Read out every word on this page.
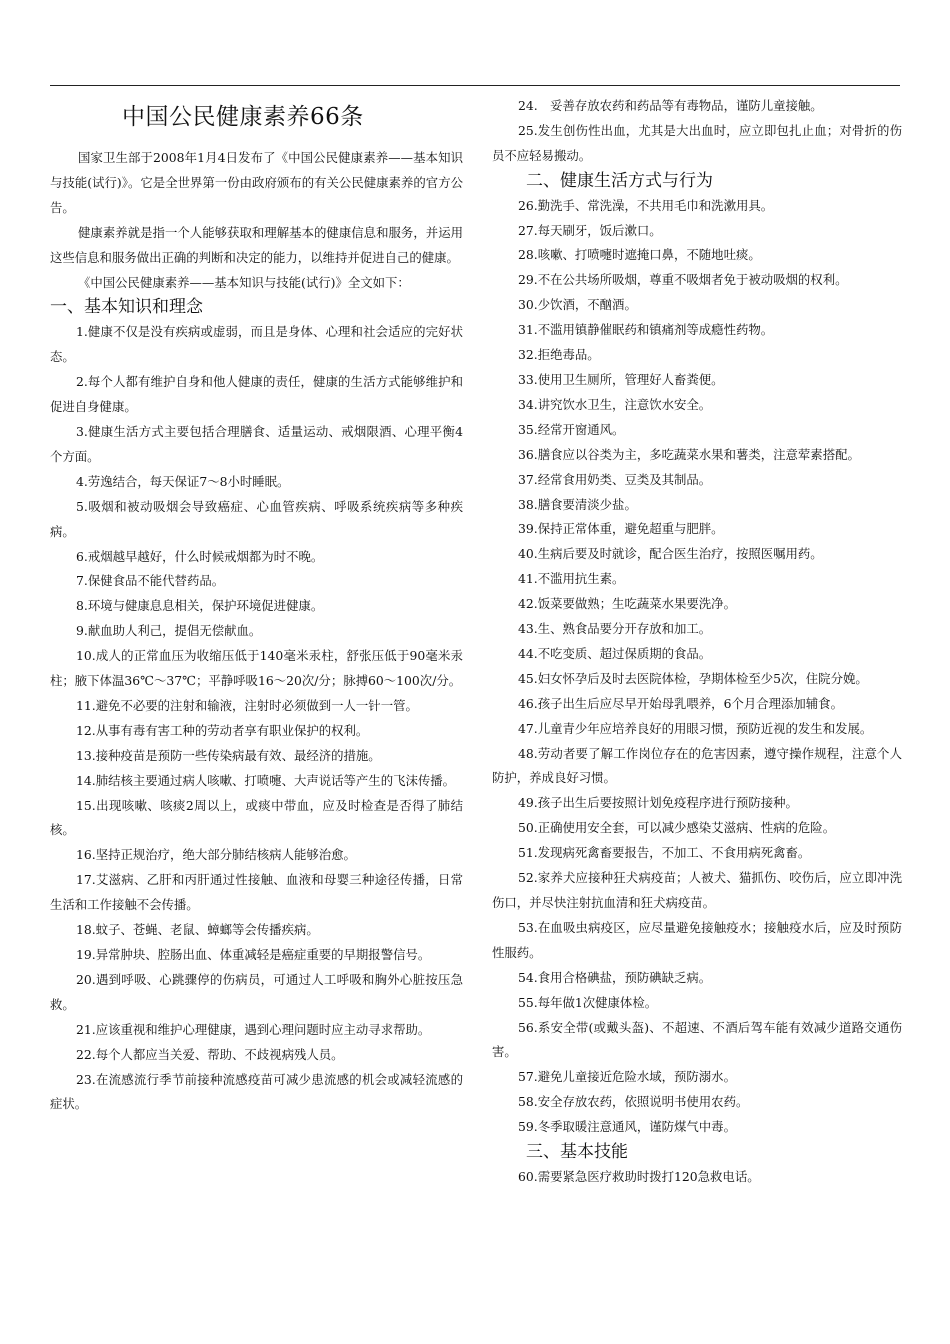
中国公民健康素养66条

国家卫生部于2008年1月4日发布了《中国公民健康素养——基本知识与技能(试行)》。它是全世界第一份由政府颁布的有关公民健康素养的官方公告。

健康素养就是指一个人能够获取和理解基本的健康信息和服务，并运用这些信息和服务做出正确的判断和决定的能力，以维持并促进自己的健康。

《中国公民健康素养——基本知识与技能(试行)》全文如下：

一、基本知识和理念

1.健康不仅是没有疾病或虚弱，而且是身体、心理和社会适应的完好状态。

2.每个人都有维护自身和他人健康的责任，健康的生活方式能够维护和促进自身健康。

3.健康生活方式主要包括合理膳食、适量运动、戒烟限酒、心理平衡4个方面。

4.劳逸结合，每天保证7～8小时睡眠。

5.吸烟和被动吸烟会导致癌症、心血管疾病、呼吸系统疾病等多种疾病。

6.戒烟越早越好，什么时候戒烟都为时不晚。

7.保健食品不能代替药品。

8.环境与健康息息相关，保护环境促进健康。

9.献血助人利己，提倡无偿献血。

10.成人的正常血压为收缩压低于140毫米汞柱，舒张压低于90毫米汞柱；腋下体温36℃～37℃；平静呼吸16～20次/分；脉搏60～100次/分。

11.避免不必要的注射和输液，注射时必须做到一人一针一管。

12.从事有毒有害工种的劳动者享有职业保护的权利。

13.接种疫苗是预防一些传染病最有效、最经济的措施。

14.肺结核主要通过病人咳嗽、打喷嚏、大声说话等产生的飞沫传播。

15.出现咳嗽、咳痰2周以上，或痰中带血，应及时检查是否得了肺结核。

16.坚持正规治疗，绝大部分肺结核病人能够治愈。

17.艾滋病、乙肝和丙肝通过性接触、血液和母婴三种途径传播，日常生活和工作接触不会传播。

18.蚊子、苍蝇、老鼠、蟑螂等会传播疾病。

19.异常肿块、腔肠出血、体重减轻是癌症重要的早期报警信号。

20.遇到呼吸、心跳骤停的伤病员，可通过人工呼吸和胸外心脏按压急救。

21.应该重视和维护心理健康，遇到心理问题时应主动寻求帮助。

22.每个人都应当关爱、帮助、不歧视病残人员。

23.在流感流行季节前接种流感疫苗可减少患流感的机会或减轻流感的症状。

24.　妥善存放农药和药品等有毒物品，谨防儿童接触。

25.发生创伤性出血，尤其是大出血时，应立即包扎止血；对骨折的伤员不应轻易搬动。

二、健康生活方式与行为

26.勤洗手、常洗澡，不共用毛巾和洗漱用具。

27.每天刷牙，饭后漱口。

28.咳嗽、打喷嚏时遮掩口鼻，不随地吐痰。

29.不在公共场所吸烟，尊重不吸烟者免于被动吸烟的权利。

30.少饮酒，不酗酒。

31.不滥用镇静催眠药和镇痛剂等成瘾性药物。

32.拒绝毒品。

33.使用卫生厕所，管理好人畜粪便。

34.讲究饮水卫生，注意饮水安全。

35.经常开窗通风。

36.膳食应以谷类为主，多吃蔬菜水果和薯类，注意荤素搭配。

37.经常食用奶类、豆类及其制品。

38.膳食要清淡少盐。

39.保持正常体重，避免超重与肥胖。

40.生病后要及时就诊，配合医生治疗，按照医嘱用药。

41.不滥用抗生素。

42.饭菜要做熟；生吃蔬菜水果要洗净。

43.生、熟食品要分开存放和加工。

44.不吃变质、超过保质期的食品。

45.妇女怀孕后及时去医院体检，孕期体检至少5次，住院分娩。

46.孩子出生后应尽早开始母乳喂养，6个月合理添加辅食。

47.儿童青少年应培养良好的用眼习惯，预防近视的发生和发展。

48.劳动者要了解工作岗位存在的危害因素，遵守操作规程，注意个人防护，养成良好习惯。

49.孩子出生后要按照计划免疫程序进行预防接种。

50.正确使用安全套，可以减少感染艾滋病、性病的危险。

51.发现病死禽畜要报告，不加工、不食用病死禽畜。

52.家养犬应接种狂犬病疫苗；人被犬、猫抓伤、咬伤后，应立即冲洗伤口，并尽快注射抗血清和狂犬病疫苗。

53.在血吸虫病疫区，应尽量避免接触疫水；接触疫水后，应及时预防性服药。

54.食用合格碘盐，预防碘缺乏病。

55.每年做1次健康体检。

56.系安全带(或戴头盔)、不超速、不酒后驾车能有效减少道路交通伤害。

57.避免儿童接近危险水域，预防溺水。

58.安全存放农药，依照说明书使用农药。

59.冬季取暖注意通风，谨防煤气中毒。

三、基本技能

60.需要紧急医疗救助时拨打120急救电话。
